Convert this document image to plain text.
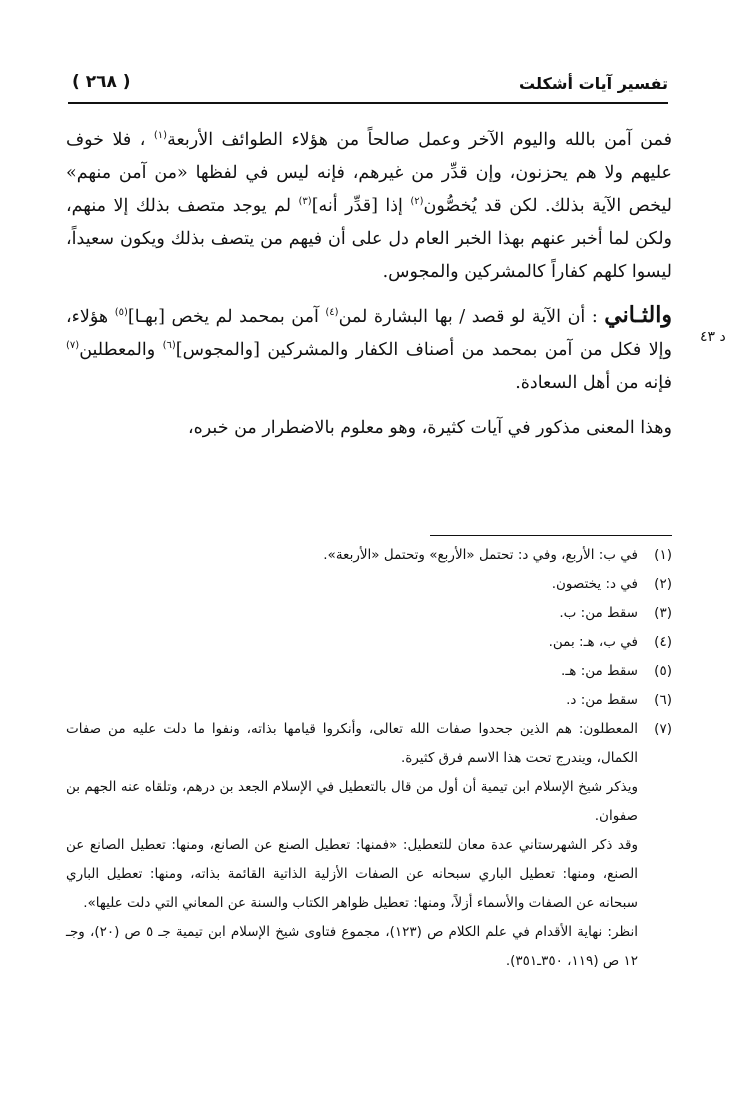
تفسير آيات أشكلت
( ٢٦٨ )
د ٤٣

فمن آمن بالله واليوم الآخر وعمل صالحاً من هؤلاء الطوائف الأربعة$^{(١)}$ ، فلا خوف عليهم ولا هم يحزنون، وإن قدِّر من غيرهم، فإنه ليس في لفظها «من آمن منهم» ليخص الآية بذلك. لكن قد يُخصُّون$^{(٢)}$ إذا [قدِّر أنه]$^{(٣)}$ لم يوجد متصف بذلك إلا منهم، ولكن لما أخبر عنهم بهذا الخبر العام دل على أن فيهم من يتصف بذلك ويكون سعيداً، ليسوا كلهم كفاراً كالمشركين والمجوس.

والثـاني : أن الآية لو قصد / بها البشارة لمن$^{(٤)}$ آمن بمحمد لم يخص [بهـا]$^{(٥)}$ هؤلاء، وإلا فكل من آمن بمحمد من أصناف الكفار والمشركين [والمجوس]$^{(٦)}$ والمعطلين$^{(٧)}$ فإنه من أهل السعادة.

وهذا المعنى مذكور في آيات كثيرة، وهو معلوم بالاضطرار من خبره،

(١)

في ب: الأربع، وفي د: تحتمل «الأربع» وتحتمل «الأربعة».

(٢)

في د: يختصون.

(٣)

سقط من: ب.

(٤)

في ب، هـ: بمن.

(٥)

سقط من: هـ.

(٦)

سقط من: د.

(٧)

المعطلون: هم الذين جحدوا صفات الله تعالى، وأنكروا قيامها بذاته، ونفوا ما دلت عليه من صفات الكمال، ويندرج تحت هذا الاسم فرق كثيرة.

ويذكر شيخ الإسلام ابن تيمية أن أول من قال بالتعطيل في الإسلام الجعد بن درهم، وتلقاه عنه الجهم بن صفوان.

وقد ذكر الشهرستاني عدة معان للتعطيل: «فمنها: تعطيل الصنع عن الصانع، ومنها: تعطيل الصانع عن الصنع، ومنها: تعطيل الباري سبحانه عن الصفات الأزلية الذاتية القائمة بذاته، ومنها: تعطيل الباري سبحانه عن الصفات والأسماء أزلاً، ومنها: تعطيل ظواهر الكتاب والسنة عن المعاني التي دلت عليها».

انظر: نهاية الأقدام في علم الكلام ص (١٢٣)، مجموع فتاوى شيخ الإسلام ابن تيمية جـ ٥ ص (٢٠)، وجـ ١٢ ص (١١٩، ٣٥٠ـ٣٥١).
